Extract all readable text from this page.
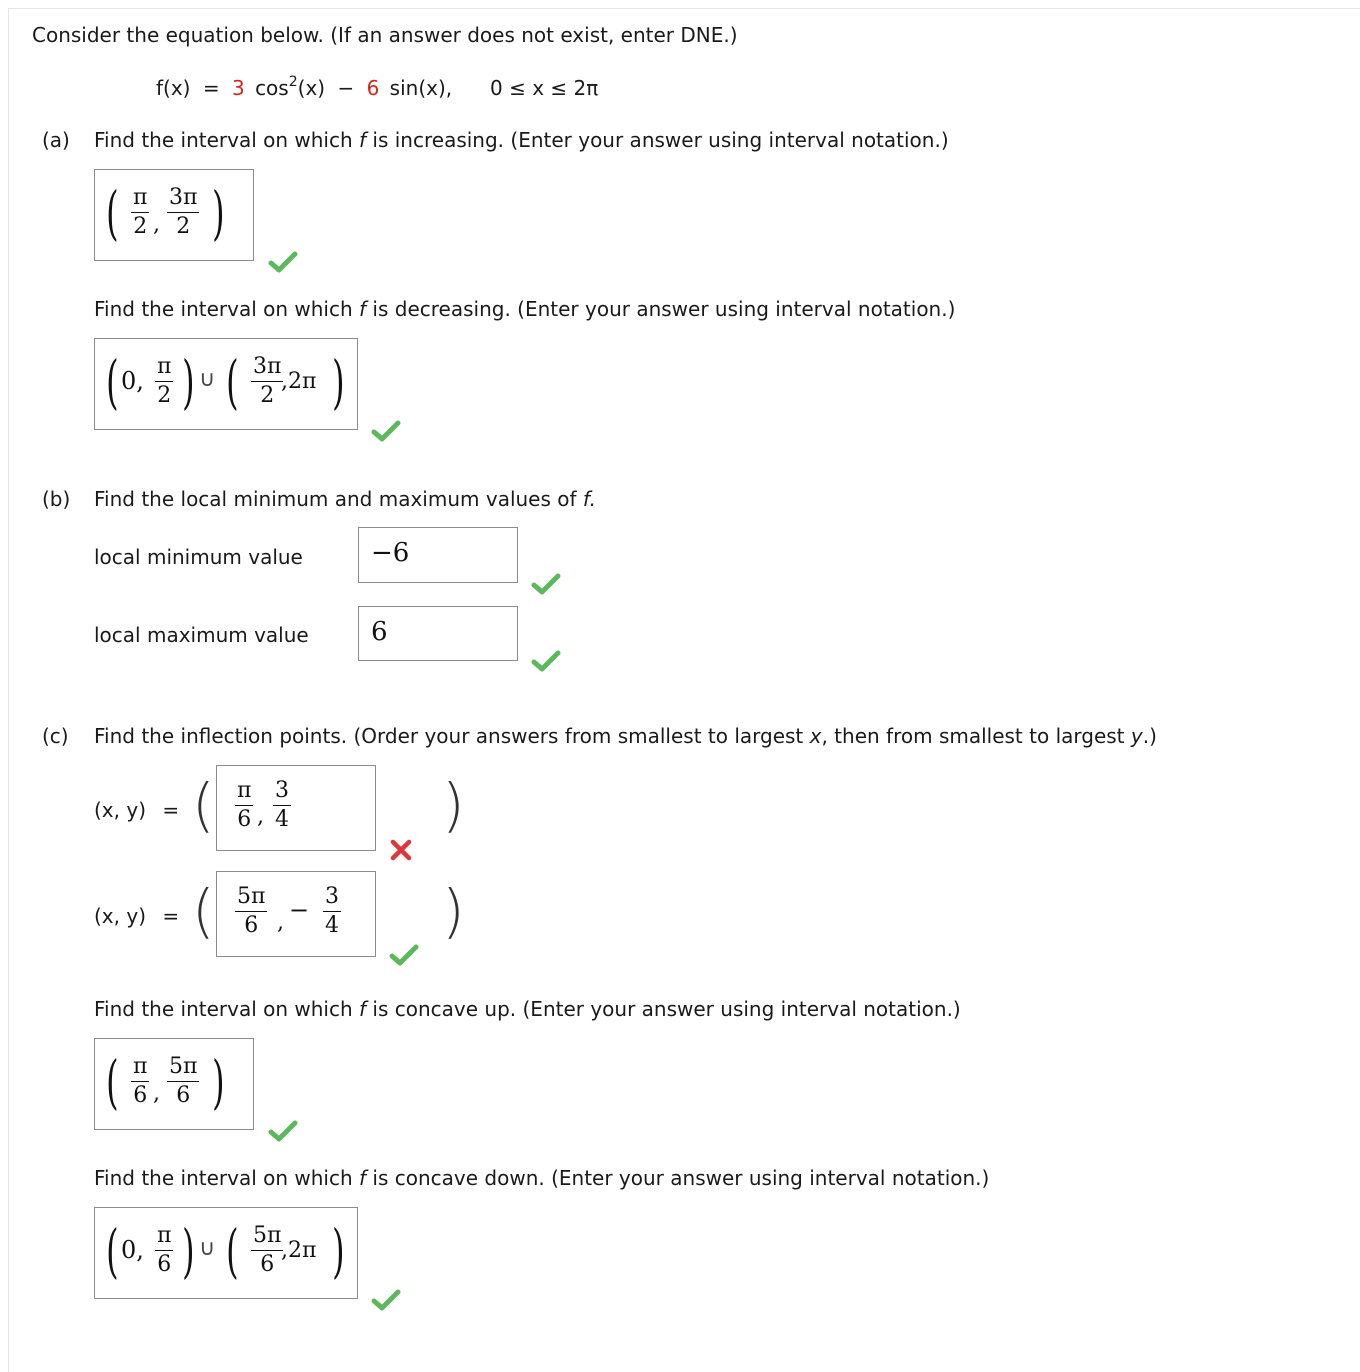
Consider the equation below. (If an answer does not exist, enter DNE.)
f(x) = 3 $\cos^2(x) - 6$ sin(x), 0 ≤ x ≤ 2π
(a) Find the interval on which f is increasing. (Enter your answer using interval notation.)
( $\frac{\pi}{2}$ , $\frac{3\pi}{2}$ )
Find the interval on which f is decreasing. (Enter your answer using interval notation.)
( 0, $\frac{\pi}{2}$ ) ∪ ( $\frac{3\pi}{2}$
,2π )
(b) Find the local minimum and maximum values of f.
local minimum value	−6
local maximum value 6
(c) Find the inflection points. (Order your answers from smallest to largest x, then from smallest to largest y.)
(x, y) = ( $\frac{\pi}{6}$ , $\frac{3}{4}$	)
(x, y) = ( $\frac{5\pi}{6}$ , − $\frac{3}{4}$ )
Find the interval on which f is concave up. (Enter your answer using interval notation.)
( $\frac{\pi}{6}$ , $\frac{5\pi}{6}$ )
Find the interval on which f is concave down. (Enter your answer using interval notation.)
( 0, $\frac{\pi}{6}$ ) ∪ ( $\frac{5\pi}{6}$
,2π )
